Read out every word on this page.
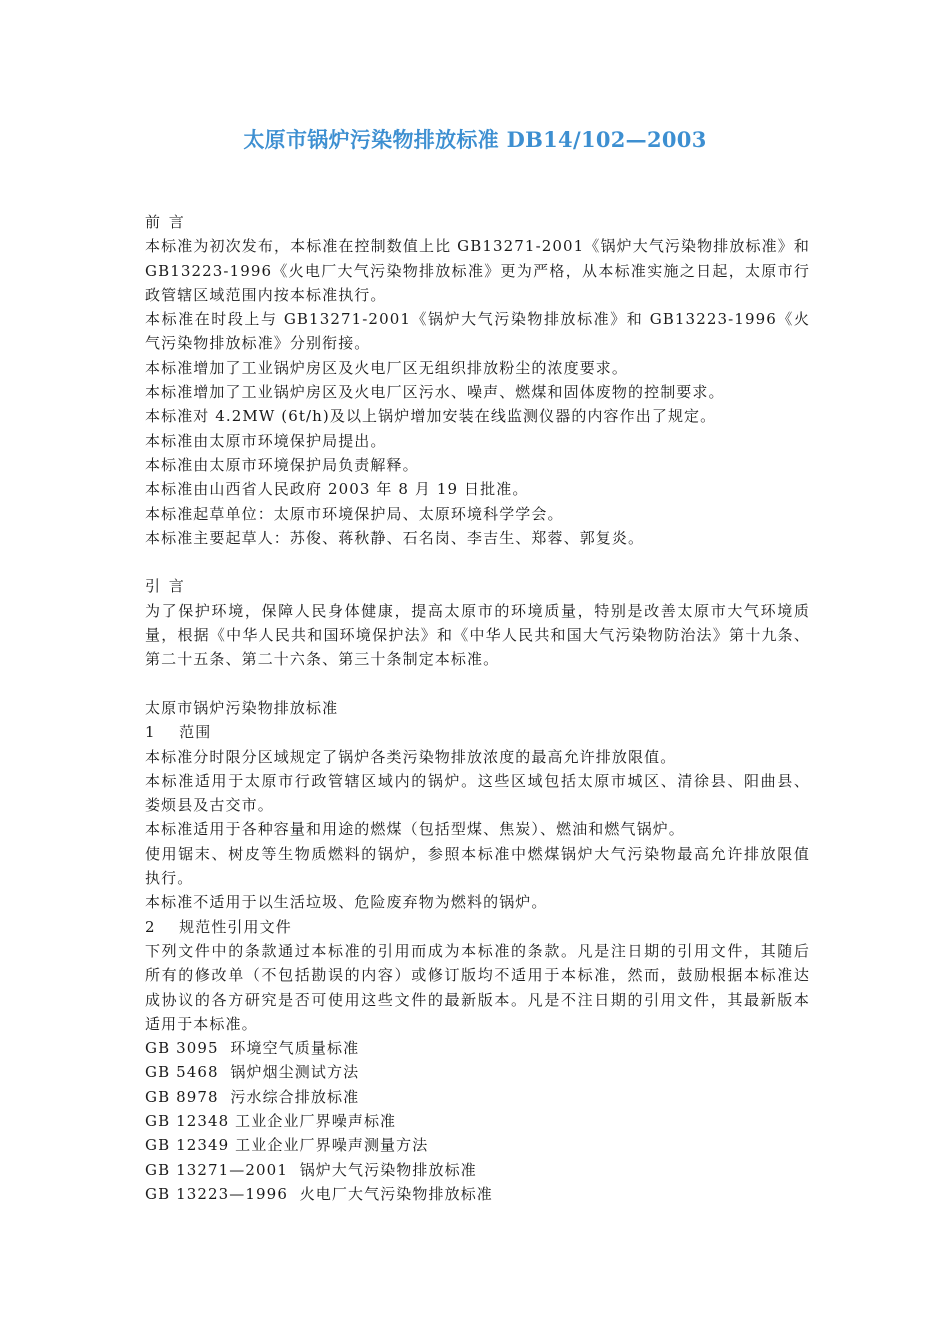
太原市锅炉污染物排放标准 DB14/102—2003
前 言
本标准为初次发布，本标准在控制数值上比 GB13271-2001《锅炉大气污染物排放标准》和
GB13223-1996《火电厂大气污染物排放标准》更为严格，从本标准实施之日起，太原市行
政管辖区域范围内按本标准执行。
本标准在时段上与 GB13271-2001《锅炉大气污染物排放标准》和 GB13223-1996《火
气污染物排放标准》分别衔接。
本标准增加了工业锅炉房区及火电厂区无组织排放粉尘的浓度要求。
本标准增加了工业锅炉房区及火电厂区污水、噪声、燃煤和固体废物的控制要求。
本标准对 4.2MW (6t/h)及以上锅炉增加安装在线监测仪器的内容作出了规定。
本标准由太原市环境保护局提出。
本标准由太原市环境保护局负责解释。
本标准由山西省人民政府 2003 年 8 月 19 日批准。
本标准起草单位：太原市环境保护局、太原环境科学学会。
本标准主要起草人：苏俊、蒋秋静、石名岗、李吉生、郑蓉、郭复炎。
引 言
为了保护环境，保障人民身体健康，提高太原市的环境质量，特别是改善太原市大气环境质
量，根据《中华人民共和国环境保护法》和《中华人民共和国大气污染物防治法》第十九条、
第二十五条、第二十六条、第三十条制定本标准。
太原市锅炉污染物排放标准
1    范围
本标准分时限分区域规定了锅炉各类污染物排放浓度的最高允许排放限值。
本标准适用于太原市行政管辖区域内的锅炉。这些区域包括太原市城区、清徐县、阳曲县、
娄烦县及古交市。
本标准适用于各种容量和用途的燃煤（包括型煤、焦炭）、燃油和燃气锅炉。
使用锯末、树皮等生物质燃料的锅炉，参照本标准中燃煤锅炉大气污染物最高允许排放限值
执行。
本标准不适用于以生活垃圾、危险废弃物为燃料的锅炉。
2    规范性引用文件
下列文件中的条款通过本标准的引用而成为本标准的条款。凡是注日期的引用文件，其随后
所有的修改单（不包括勘误的内容）或修订版均不适用于本标准，然而，鼓励根据本标准达
成协议的各方研究是否可使用这些文件的最新版本。凡是不注日期的引用文件，其最新版本
适用于本标准。
GB 3095  环境空气质量标准
GB 5468  锅炉烟尘测试方法
GB 8978  污水综合排放标准
GB 12348 工业企业厂界噪声标准
GB 12349 工业企业厂界噪声测量方法
GB 13271—2001  锅炉大气污染物排放标准
GB 13223—1996  火电厂大气污染物排放标准
